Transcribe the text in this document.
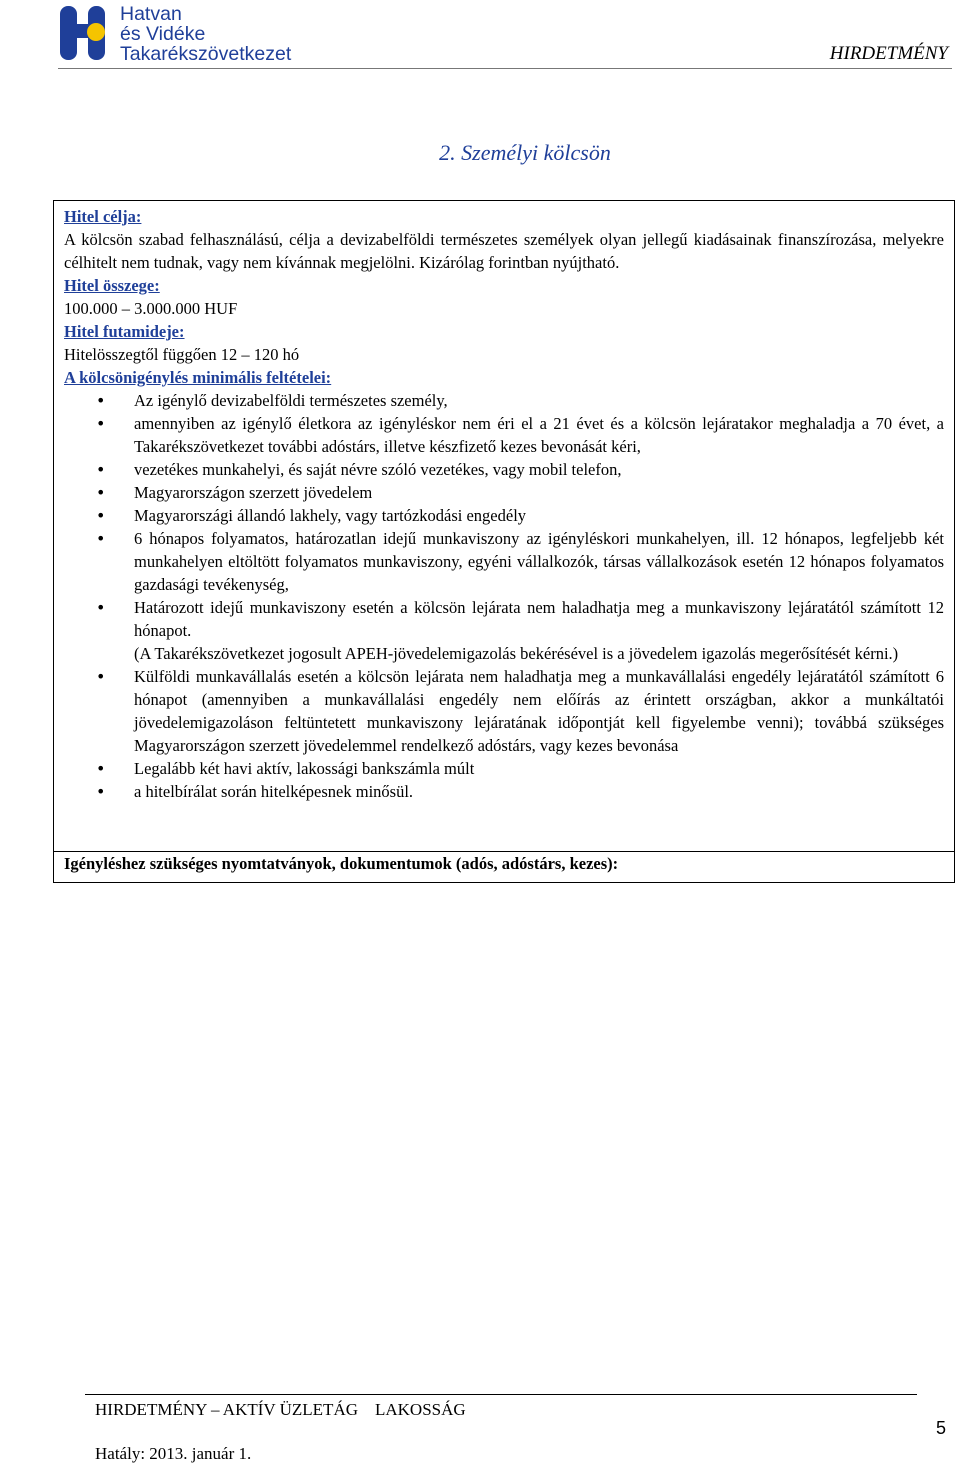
Hatvan
és Vidéke
Takarékszövetkezet	HIRDETMÉNY
2. Személyi kölcsön
Hitel célja:

A kölcsön szabad felhasználású, célja a devizabelföldi természetes személyek olyan jellegű kiadásainak finanszírozása, melyekre célhitelt nem tudnak, vagy nem kívánnak megjelölni. Kizárólag forintban nyújtható.

Hitel összege:
100.000 – 3.000.000 HUF
Hitel futamideje:
Hitelösszegtől függően 12 – 120 hó
A kölcsönigénylés minimális feltételei:
• Az igénylő devizabelföldi természetes személy,
• amennyiben az igénylő életkora az igényléskor nem éri el a 21 évet és a kölcsön lejáratakor meghaladja a 70 évet, a Takarékszövetkezet további adóstárs, illetve készfizető kezes bevonását kéri,
• vezetékes munkahelyi, és saját névre szóló vezetékes, vagy mobil telefon,
• Magyarországon szerzett jövedelem
• Magyarországi állandó lakhely, vagy tartózkodási engedély
• 6 hónapos folyamatos, határozatlan idejű munkaviszony az igényléskori munkahelyen, ill. 12 hónapos, legfeljebb két munkahelyen eltöltött folyamatos munkaviszony, egyéni vállalkozók, társas vállalkozások esetén 12 hónapos folyamatos gazdasági tevékenység,
• Határozott idejű munkaviszony esetén a kölcsön lejárata nem haladhatja meg a munkaviszony lejáratától számított 12 hónapot.
(A Takarékszövetkezet jogosult APEH-jövedelemigazolás bekérésével is a jövedelem igazolás megerősítését kérni.)
• Külföldi munkavállalás esetén a kölcsön lejárata nem haladhatja meg a munkavállalási engedély lejáratától számított 6 hónapot (amennyiben a munkavállalási engedély nem előírás az érintett országban, akkor a munkáltatói jövedelemigazoláson feltüntetett munkaviszony lejáratának időpontját kell figyelembe venni); továbbá szükséges Magyarországon szerzett jövedelemmel rendelkező adóstárs, vagy kezes bevonása
• Legalább két havi aktív, lakossági bankszámla múlt
• a hitelbírálat során hitelképesnek minősül.
Igényléshez szükséges nyomtatványok, dokumentumok (adós, adóstárs, kezes):
HIRDETMÉNY – AKTÍV ÜZLETÁG    LAKOSSÁG
Hatály: 2013. január 1.
5
